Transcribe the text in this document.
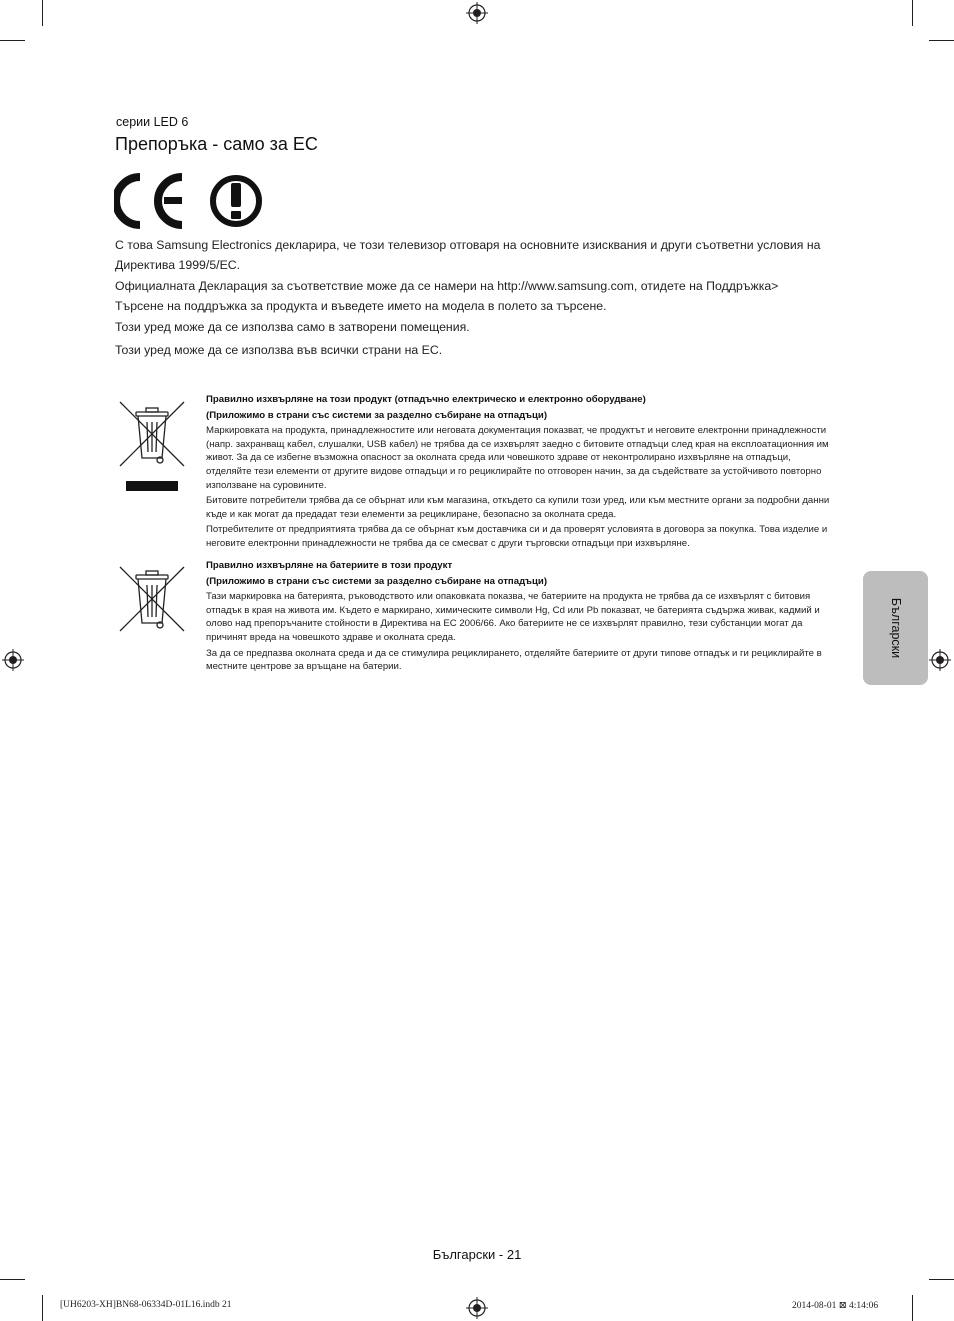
серии LED 6
Препоръка - само за ЕС

С това Samsung Electronics декларира, че този телевизор отговаря на основните изисквания и други съответни условия на Директива 1999/5/EC.

Официалната Декларация за съответствие може да се намери на http://www.samsung.com, отидете на Поддръжка> Търсене на поддръжка за продукта и въведете името на модела в полето за търсене.

Този уред може да се използва само в затворени помещения.

Този уред може да се използва във всички страни на ЕС.

Правилно изхвърляне на този продукт (отпадъчно електрическо и електронно оборудване)

(Приложимо в страни със системи за разделно събиране на отпадъци)

Маркировката на продукта, принадлежностите или неговата документация показват, че продуктът и неговите електронни принадлежности (напр. захранващ кабел, слушалки, USB кабел) не трябва да се изхвърлят заедно с битовите отпадъци след края на експлоатационния им живот. За да се избегне възможна опасност за околната среда или човешкото здраве от неконтролирано изхвърляне на отпадъци, отделяйте тези елементи от другите видове отпадъци и го рециклирайте по отговорен начин, за да съдействате за устойчивото повторно използване на суровините.

Битовите потребители трябва да се обърнат или към магазина, откъдето са купили този уред, или към местните органи за подробни данни къде и как могат да предадат тези елементи за рециклиране, безопасно за околната среда.

Потребителите от предприятията трябва да се обърнат към доставчика си и да проверят условията в договора за покупка. Това изделие и неговите електронни принадлежности не трябва да се смесват с други търговски отпадъци при изхвърляне.

Правилно изхвърляне на батериите в този продукт

(Приложимо в страни със системи за разделно събиране на отпадъци)

Тази маркировка на батерията, ръководството или опаковката показва, че батериите на продукта не трябва да се изхвърлят с битовия отпадък в края на живота им. Където е маркирано, химическите символи Hg, Cd или Pb показват, че батерията съдържа живак, кадмий и олово над препоръчаните стойности в Директива на ЕС 2006/66. Ако батериите не се изхвърлят правилно, тези субстанции могат да причинят вреда на човешкото здраве и околната среда.

За да се предпазва околната среда и да се стимулира рециклирането, отделяйте батериите от други типове отпадък и ги рециклирайте в местните центрове за връщане на батерии.

Български
Български - 21
[UH6203-XH]BN68-06334D-01L16.indb 21	2014-08-01 ⊠ 4:14:06
